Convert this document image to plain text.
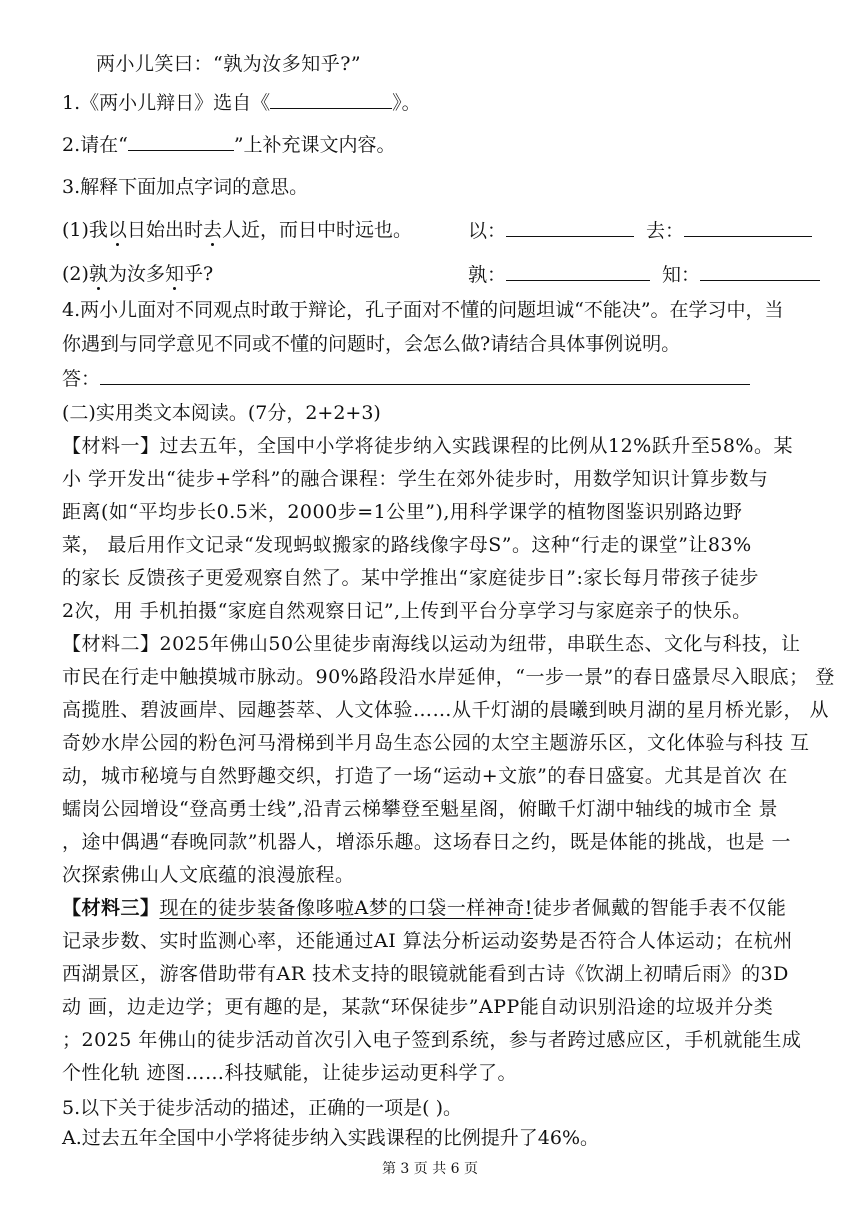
两小儿笑曰：“孰为汝多知乎?”
1.《两小儿辩日》选自《	》。
2.请在“	”上补充课文内容。
3.解释下面加点字词的意思。
(1)我以日始出时去人近，而日中时远也。	以：	去：
(2)孰为汝多知乎?	孰：	知：
4.两小儿面对不同观点时敢于辩论，孔子面对不懂的问题坦诚“不能决”。在学习中，当
你遇到与同学意见不同或不懂的问题时，会怎么做?请结合具体事例说明。
答：
(二)实用类文本阅读。(7分，2+2+3)
【材料一】过去五年，全国中小学将徒步纳入实践课程的比例从12%跃升至58%。某
小 学开发出“徒步+学科”的融合课程：学生在郊外徒步时，用数学知识计算步数与
距离(如“平均步长0.5米，2000步=1公里”),用科学课学的植物图鉴识别路边野
菜， 最后用作文记录“发现蚂蚁搬家的路线像字母S”。这种“行走的课堂”让83%
的家长 反馈孩子更爱观察自然了。某中学推出“家庭徒步日”:家长每月带孩子徒步
2次，用 手机拍摄“家庭自然观察日记”,上传到平台分享学习与家庭亲子的快乐。
【材料二】2025年佛山50公里徒步南海线以运动为纽带，串联生态、文化与科技，让
市民在行走中触摸城市脉动。90%路段沿水岸延伸，“一步一景”的春日盛景尽入眼底； 登
高揽胜、碧波画岸、园趣荟萃、人文体验……从千灯湖的晨曦到映月湖的星月桥光影， 从
奇妙水岸公园的粉色河马滑梯到半月岛生态公园的太空主题游乐区，文化体验与科技 互
动，城市秘境与自然野趣交织，打造了一场“运动+文旅”的春日盛宴。尤其是首次 在
蠕岗公园增设“登高勇士线”,沿青云梯攀登至魁星阁，俯瞰千灯湖中轴线的城市全 景
，途中偶遇“春晚同款”机器人，增添乐趣。这场春日之约，既是体能的挑战，也是 一
次探索佛山人文底蕴的浪漫旅程。
【材料三】现在的徒步装备像哆啦A梦的口袋一样神奇!徒步者佩戴的智能手表不仅能
记录步数、实时监测心率，还能通过AI 算法分析运动姿势是否符合人体运动；在杭州
西湖景区，游客借助带有AR 技术支持的眼镜就能看到古诗《饮湖上初晴后雨》的3D
动 画，边走边学；更有趣的是，某款“环保徒步”APP能自动识别沿途的垃圾并分类
；2025 年佛山的徒步活动首次引入电子签到系统，参与者跨过感应区，手机就能生成
个性化轨 迹图……科技赋能，让徒步运动更科学了。
5.以下关于徒步活动的描述，正确的一项是( )。
A.过去五年全国中小学将徒步纳入实践课程的比例提升了46%。
第 3 页 共 6 页
